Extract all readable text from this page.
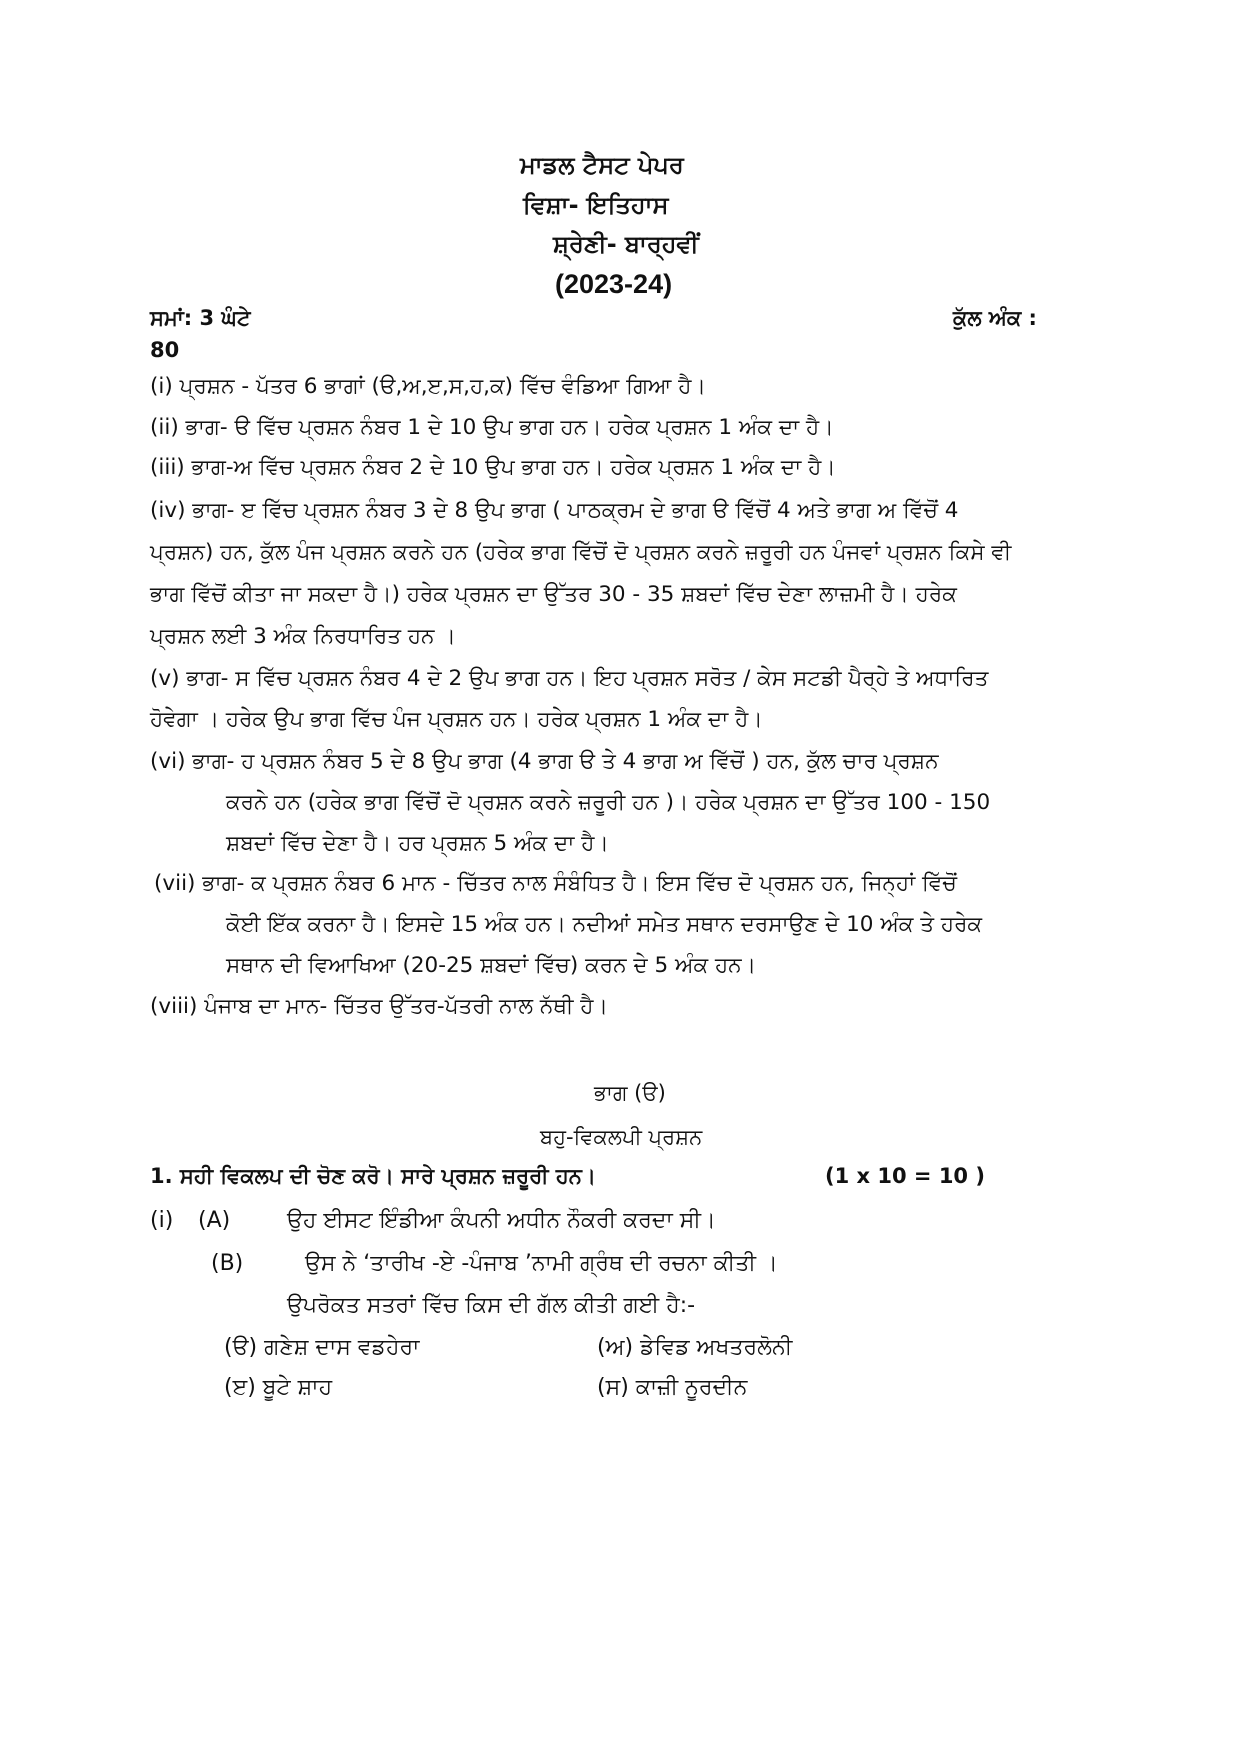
ਮਾਡਲ ਟੈਸਟ ਪੇਪਰ
ਵਿਸ਼ਾ- ਇਤਿਹਾਸ
ਸ਼੍ਰੇਣੀ- ਬਾਰ੍ਹਵੀਂ
(2023-24)
ਸਮਾਂ: 3 ਘੰਟੇ	ਕੁੱਲ ਅੰਕ :
80
(i) ਪ੍ਰਸ਼ਨ - ਪੱਤਰ 6 ਭਾਗਾਂ (ੳ,ਅ,ੲ,ਸ,ਹ,ਕ) ਵਿੱਚ ਵੰਡਿਆ ਗਿਆ ਹੈ।
(ii) ਭਾਗ- ੳ ਵਿੱਚ ਪ੍ਰਸ਼ਨ ਨੰਬਰ 1 ਦੇ 10 ਉਪ ਭਾਗ ਹਨ। ਹਰੇਕ ਪ੍ਰਸ਼ਨ 1 ਅੰਕ ਦਾ ਹੈ।
(iii) ਭਾਗ-ਅ ਵਿੱਚ ਪ੍ਰਸ਼ਨ ਨੰਬਰ 2 ਦੇ 10 ਉਪ ਭਾਗ ਹਨ। ਹਰੇਕ ਪ੍ਰਸ਼ਨ 1 ਅੰਕ ਦਾ ਹੈ।
(iv) ਭਾਗ- ੲ ਵਿੱਚ ਪ੍ਰਸ਼ਨ ਨੰਬਰ 3 ਦੇ 8 ਉਪ ਭਾਗ ( ਪਾਠਕ੍ਰਮ ਦੇ ਭਾਗ ੳ ਵਿੱਚੋਂ 4 ਅਤੇ ਭਾਗ ਅ ਵਿੱਚੋਂ 4
ਪ੍ਰਸ਼ਨ) ਹਨ, ਕੁੱਲ ਪੰਜ ਪ੍ਰਸ਼ਨ ਕਰਨੇ ਹਨ (ਹਰੇਕ ਭਾਗ ਵਿੱਚੋਂ ਦੋ ਪ੍ਰਸ਼ਨ ਕਰਨੇ ਜ਼ਰੂਰੀ ਹਨ ਪੰਜਵਾਂ ਪ੍ਰਸ਼ਨ ਕਿਸੇ ਵੀ
ਭਾਗ ਵਿੱਚੋਂ ਕੀਤਾ ਜਾ ਸਕਦਾ ਹੈ।) ਹਰੇਕ ਪ੍ਰਸ਼ਨ ਦਾ ਉੱਤਰ 30 - 35 ਸ਼ਬਦਾਂ ਵਿੱਚ ਦੇਣਾ ਲਾਜ਼ਮੀ ਹੈ। ਹਰੇਕ
ਪ੍ਰਸ਼ਨ ਲਈ 3 ਅੰਕ ਨਿਰਧਾਰਿਤ ਹਨ ।
(v) ਭਾਗ- ਸ ਵਿੱਚ ਪ੍ਰਸ਼ਨ ਨੰਬਰ 4 ਦੇ 2 ਉਪ ਭਾਗ ਹਨ। ਇਹ ਪ੍ਰਸ਼ਨ ਸਰੋਤ / ਕੇਸ ਸਟਡੀ ਪੈਰ੍ਹੇ ਤੇ ਅਧਾਰਿਤ
ਹੋਵੇਗਾ । ਹਰੇਕ ਉਪ ਭਾਗ ਵਿੱਚ ਪੰਜ ਪ੍ਰਸ਼ਨ ਹਨ। ਹਰੇਕ ਪ੍ਰਸ਼ਨ 1 ਅੰਕ ਦਾ ਹੈ।
(vi) ਭਾਗ- ਹ ਪ੍ਰਸ਼ਨ ਨੰਬਰ 5 ਦੇ 8 ਉਪ ਭਾਗ (4 ਭਾਗ ੳ ਤੇ 4 ਭਾਗ ਅ ਵਿੱਚੋਂ ) ਹਨ, ਕੁੱਲ ਚਾਰ ਪ੍ਰਸ਼ਨ
ਕਰਨੇ ਹਨ (ਹਰੇਕ ਭਾਗ ਵਿੱਚੋਂ ਦੋ ਪ੍ਰਸ਼ਨ ਕਰਨੇ ਜ਼ਰੂਰੀ ਹਨ )। ਹਰੇਕ ਪ੍ਰਸ਼ਨ ਦਾ ਉੱਤਰ 100 - 150
ਸ਼ਬਦਾਂ ਵਿੱਚ ਦੇਣਾ ਹੈ। ਹਰ ਪ੍ਰਸ਼ਨ 5 ਅੰਕ ਦਾ ਹੈ।
(vii) ਭਾਗ- ਕ ਪ੍ਰਸ਼ਨ ਨੰਬਰ 6 ਮਾਨ - ਚਿੱਤਰ ਨਾਲ ਸੰਬੰਧਿਤ ਹੈ। ਇਸ ਵਿੱਚ ਦੋ ਪ੍ਰਸ਼ਨ ਹਨ, ਜਿਨ੍ਹਾਂ ਵਿੱਚੋਂ
ਕੋਈ ਇੱਕ ਕਰਨਾ ਹੈ। ਇਸਦੇ 15 ਅੰਕ ਹਨ। ਨਦੀਆਂ ਸਮੇਤ ਸਥਾਨ ਦਰਸਾਉਣ ਦੇ 10 ਅੰਕ ਤੇ ਹਰੇਕ
ਸਥਾਨ ਦੀ ਵਿਆਖਿਆ (20-25 ਸ਼ਬਦਾਂ ਵਿੱਚ) ਕਰਨ ਦੇ 5 ਅੰਕ ਹਨ।
(viii) ਪੰਜਾਬ ਦਾ ਮਾਨ- ਚਿੱਤਰ ਉੱਤਰ-ਪੱਤਰੀ ਨਾਲ ਨੱਥੀ ਹੈ।
ਭਾਗ (ੳ)
ਬਹੁ-ਵਿਕਲਪੀ ਪ੍ਰਸ਼ਨ
1. ਸਹੀ ਵਿਕਲਪ ਦੀ ਚੋਣ ਕਰੋ। ਸਾਰੇ ਪ੍ਰਸ਼ਨ ਜ਼ਰੂਰੀ ਹਨ।	(1 x 10 = 10 )
(i) (A)	ਉਹ ਈਸਟ ਇੰਡੀਆ ਕੰਪਨੀ ਅਧੀਨ ਨੌਕਰੀ ਕਰਦਾ ਸੀ।
(B)	ਉਸ ਨੇ ‘ਤਾਰੀਖ -ਏ -ਪੰਜਾਬ ’ਨਾਮੀ ਗ੍ਰੰਥ ਦੀ ਰਚਨਾ ਕੀਤੀ ।
ਉਪਰੋਕਤ ਸਤਰਾਂ ਵਿੱਚ ਕਿਸ ਦੀ ਗੱਲ ਕੀਤੀ ਗਈ ਹੈ:-
(ੳ) ਗਣੇਸ਼ ਦਾਸ ਵਡਹੇਰਾ	(ਅ) ਡੇਵਿਡ ਅਖਤਰਲੋਨੀ
(ੲ) ਬੂਟੇ ਸ਼ਾਹ	(ਸ) ਕਾਜ਼ੀ ਨੂਰਦੀਨ
